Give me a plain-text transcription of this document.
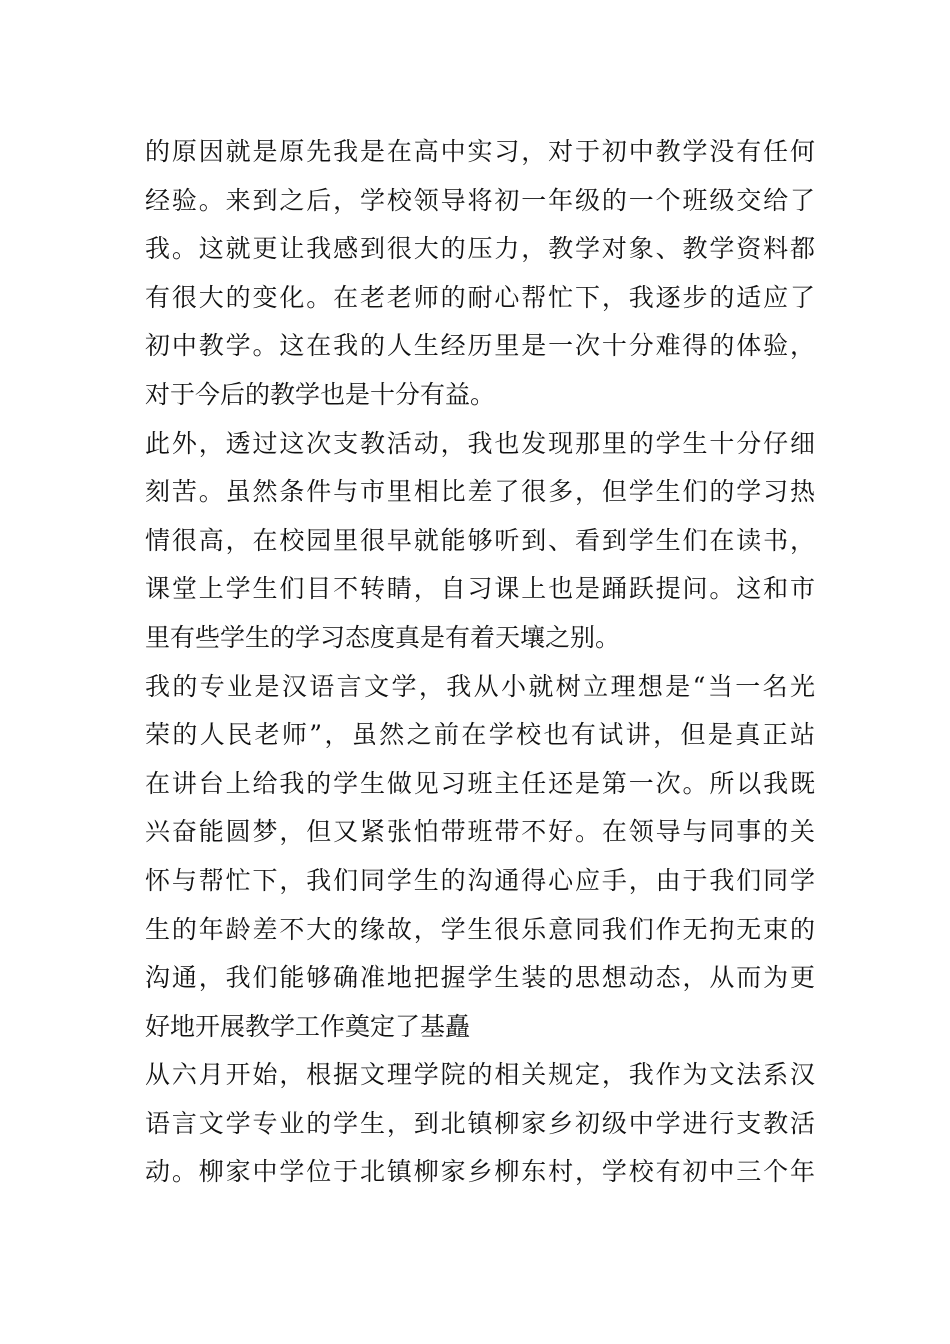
的原因就是原先我是在高中实习，对于初中教学没有任何
经验。来到之后，学校领导将初一年级的一个班级交给了
我。这就更让我感到很大的压力，教学对象、教学资料都
有很大的变化。在老老师的耐心帮忙下，我逐步的适应了
初中教学。这在我的人生经历里是一次十分难得的体验，
对于今后的教学也是十分有益。
此外，透过这次支教活动，我也发现那里的学生十分仔细
刻苦。虽然条件与市里相比差了很多，但学生们的学习热
情很高，在校园里很早就能够听到、看到学生们在读书，
课堂上学生们目不转睛，自习课上也是踊跃提问。这和市
里有些学生的学习态度真是有着天壤之别。
我的专业是汉语言文学，我从小就树立理想是“当一名光
荣的人民老师”，虽然之前在学校也有试讲，但是真正站
在讲台上给我的学生做见习班主任还是第一次。所以我既
兴奋能圆梦，但又紧张怕带班带不好。在领导与同事的关
怀与帮忙下，我们同学生的沟通得心应手，由于我们同学
生的年龄差不大的缘故，学生很乐意同我们作无拘无束的
沟通，我们能够确准地把握学生装的思想动态，从而为更
好地开展教学工作奠定了基矗
从六月开始，根据文理学院的相关规定，我作为文法系汉
语言文学专业的学生，到北镇柳家乡初级中学进行支教活
动。柳家中学位于北镇柳家乡柳东村，学校有初中三个年
